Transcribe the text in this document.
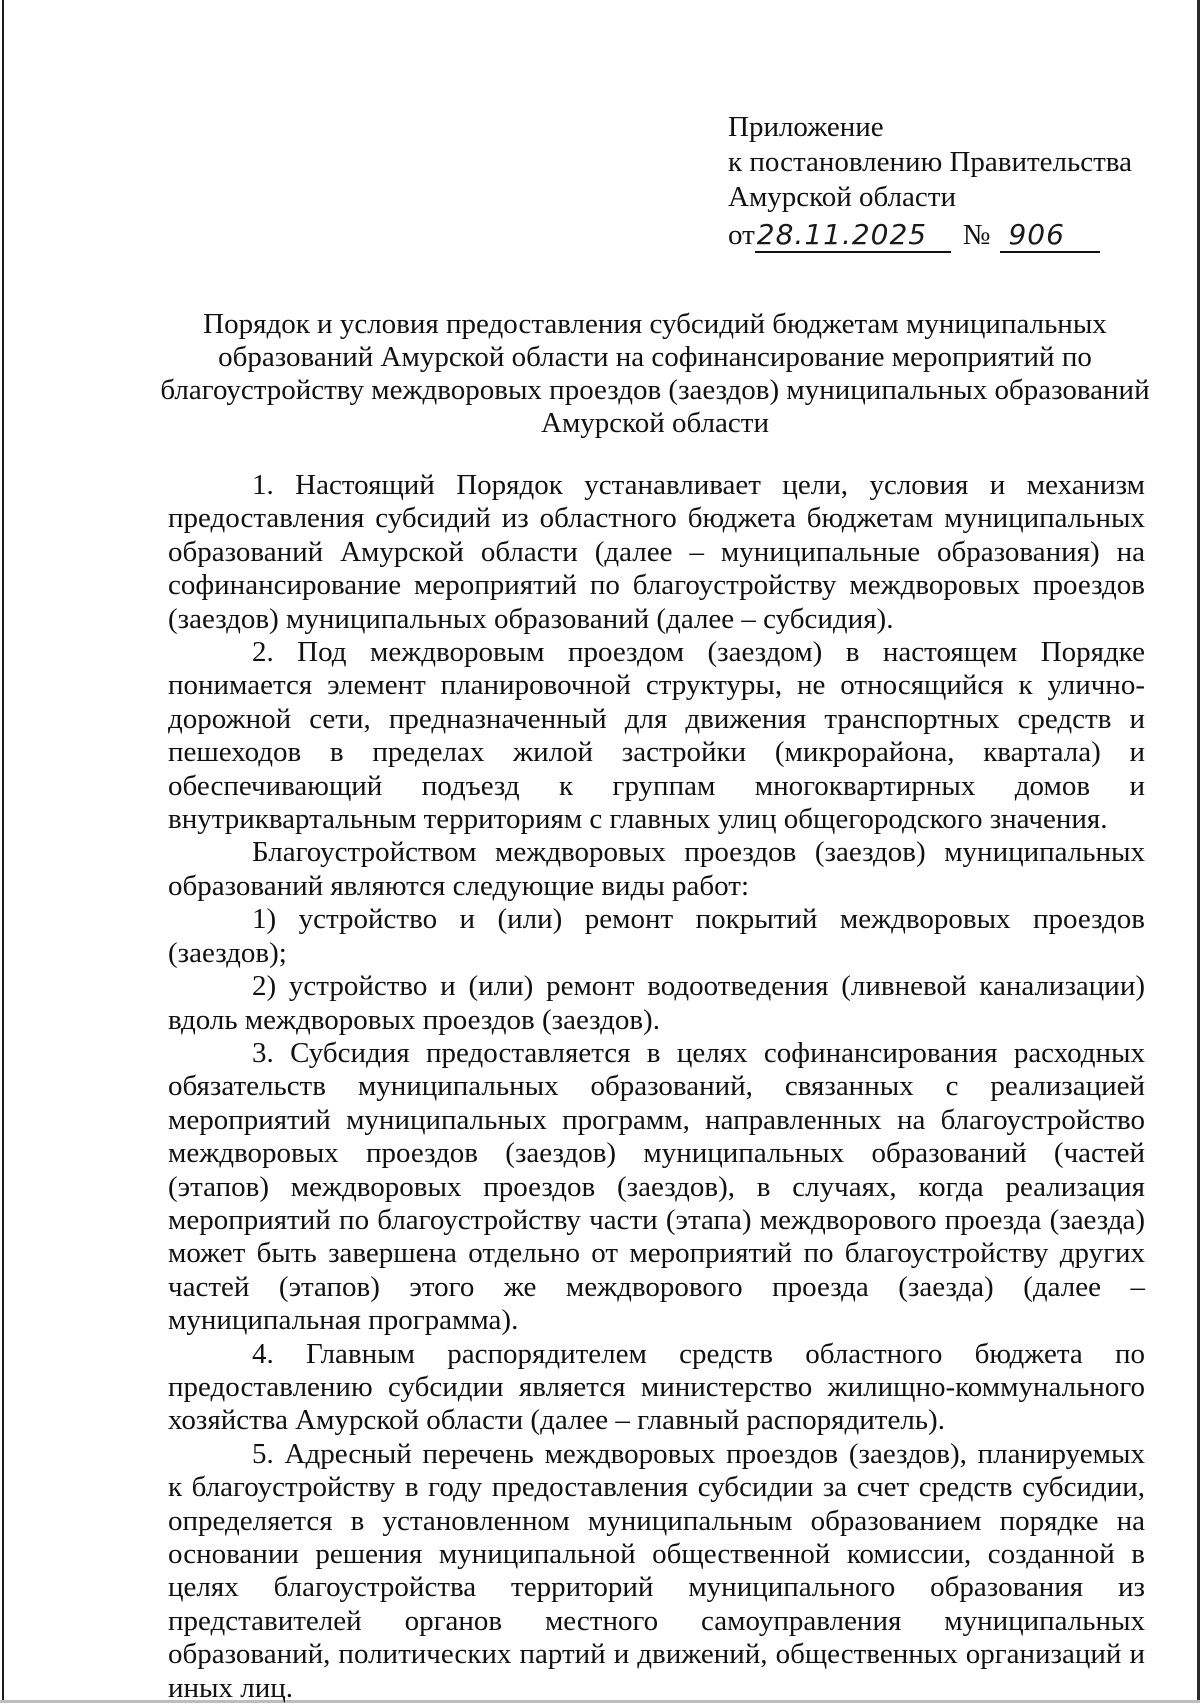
Приложение
к постановлению Правительства
Амурской области
от 28.11.2025	№ 906
Порядок и условия предоставления субсидий бюджетам муниципальных
образований Амурской области на софинансирование мероприятий по
благоустройству междворовых проездов (заездов) муниципальных образований
Амурской области

1. Настоящий Порядок устанавливает цели, условия и механизм предоставления субсидий из областного бюджета бюджетам муниципальных образований Амурской области (далее – муниципальные образования) на софинансирование мероприятий по благоустройству междворовых проездов (заездов) муниципальных образований (далее – субсидия).

2. Под междворовым проездом (заездом) в настоящем Порядке понимается элемент планировочной структуры, не относящийся к улично-дорожной сети, предназначенный для движения транспортных средств и пешеходов в пределах жилой застройки (микрорайона, квартала) и обеспечивающий подъезд к группам многоквартирных домов и внутриквартальным территориям с главных улиц общегородского значения.

Благоустройством междворовых проездов (заездов) муниципальных образований являются следующие виды работ:

1) устройство и (или) ремонт покрытий междворовых проездов (заездов);

2) устройство и (или) ремонт водоотведения (ливневой канализации) вдоль междворовых проездов (заездов).

3. Субсидия предоставляется в целях софинансирования расходных обязательств муниципальных образований, связанных с реализацией мероприятий муниципальных программ, направленных на благоустройство междворовых проездов (заездов) муниципальных образований (частей (этапов) междворовых проездов (заездов), в случаях, когда реализация мероприятий по благоустройству части (этапа) междворового проезда (заезда) может быть завершена отдельно от мероприятий по благоустройству других частей (этапов) этого же междворового проезда (заезда) (далее – муниципальная программа).

4. Главным распорядителем средств областного бюджета по предоставлению субсидии является министерство жилищно-коммунального хозяйства Амурской области (далее – главный распорядитель).

5. Адресный перечень междворовых проездов (заездов), планируемых к благоустройству в году предоставления субсидии за счет средств субсидии, определяется в установленном муниципальным образованием порядке на основании решения муниципальной общественной комиссии, созданной в целях благоустройства территорий муниципального образования из представителей органов местного самоуправления муниципальных образований, политических партий и движений, общественных организаций и иных лиц.
